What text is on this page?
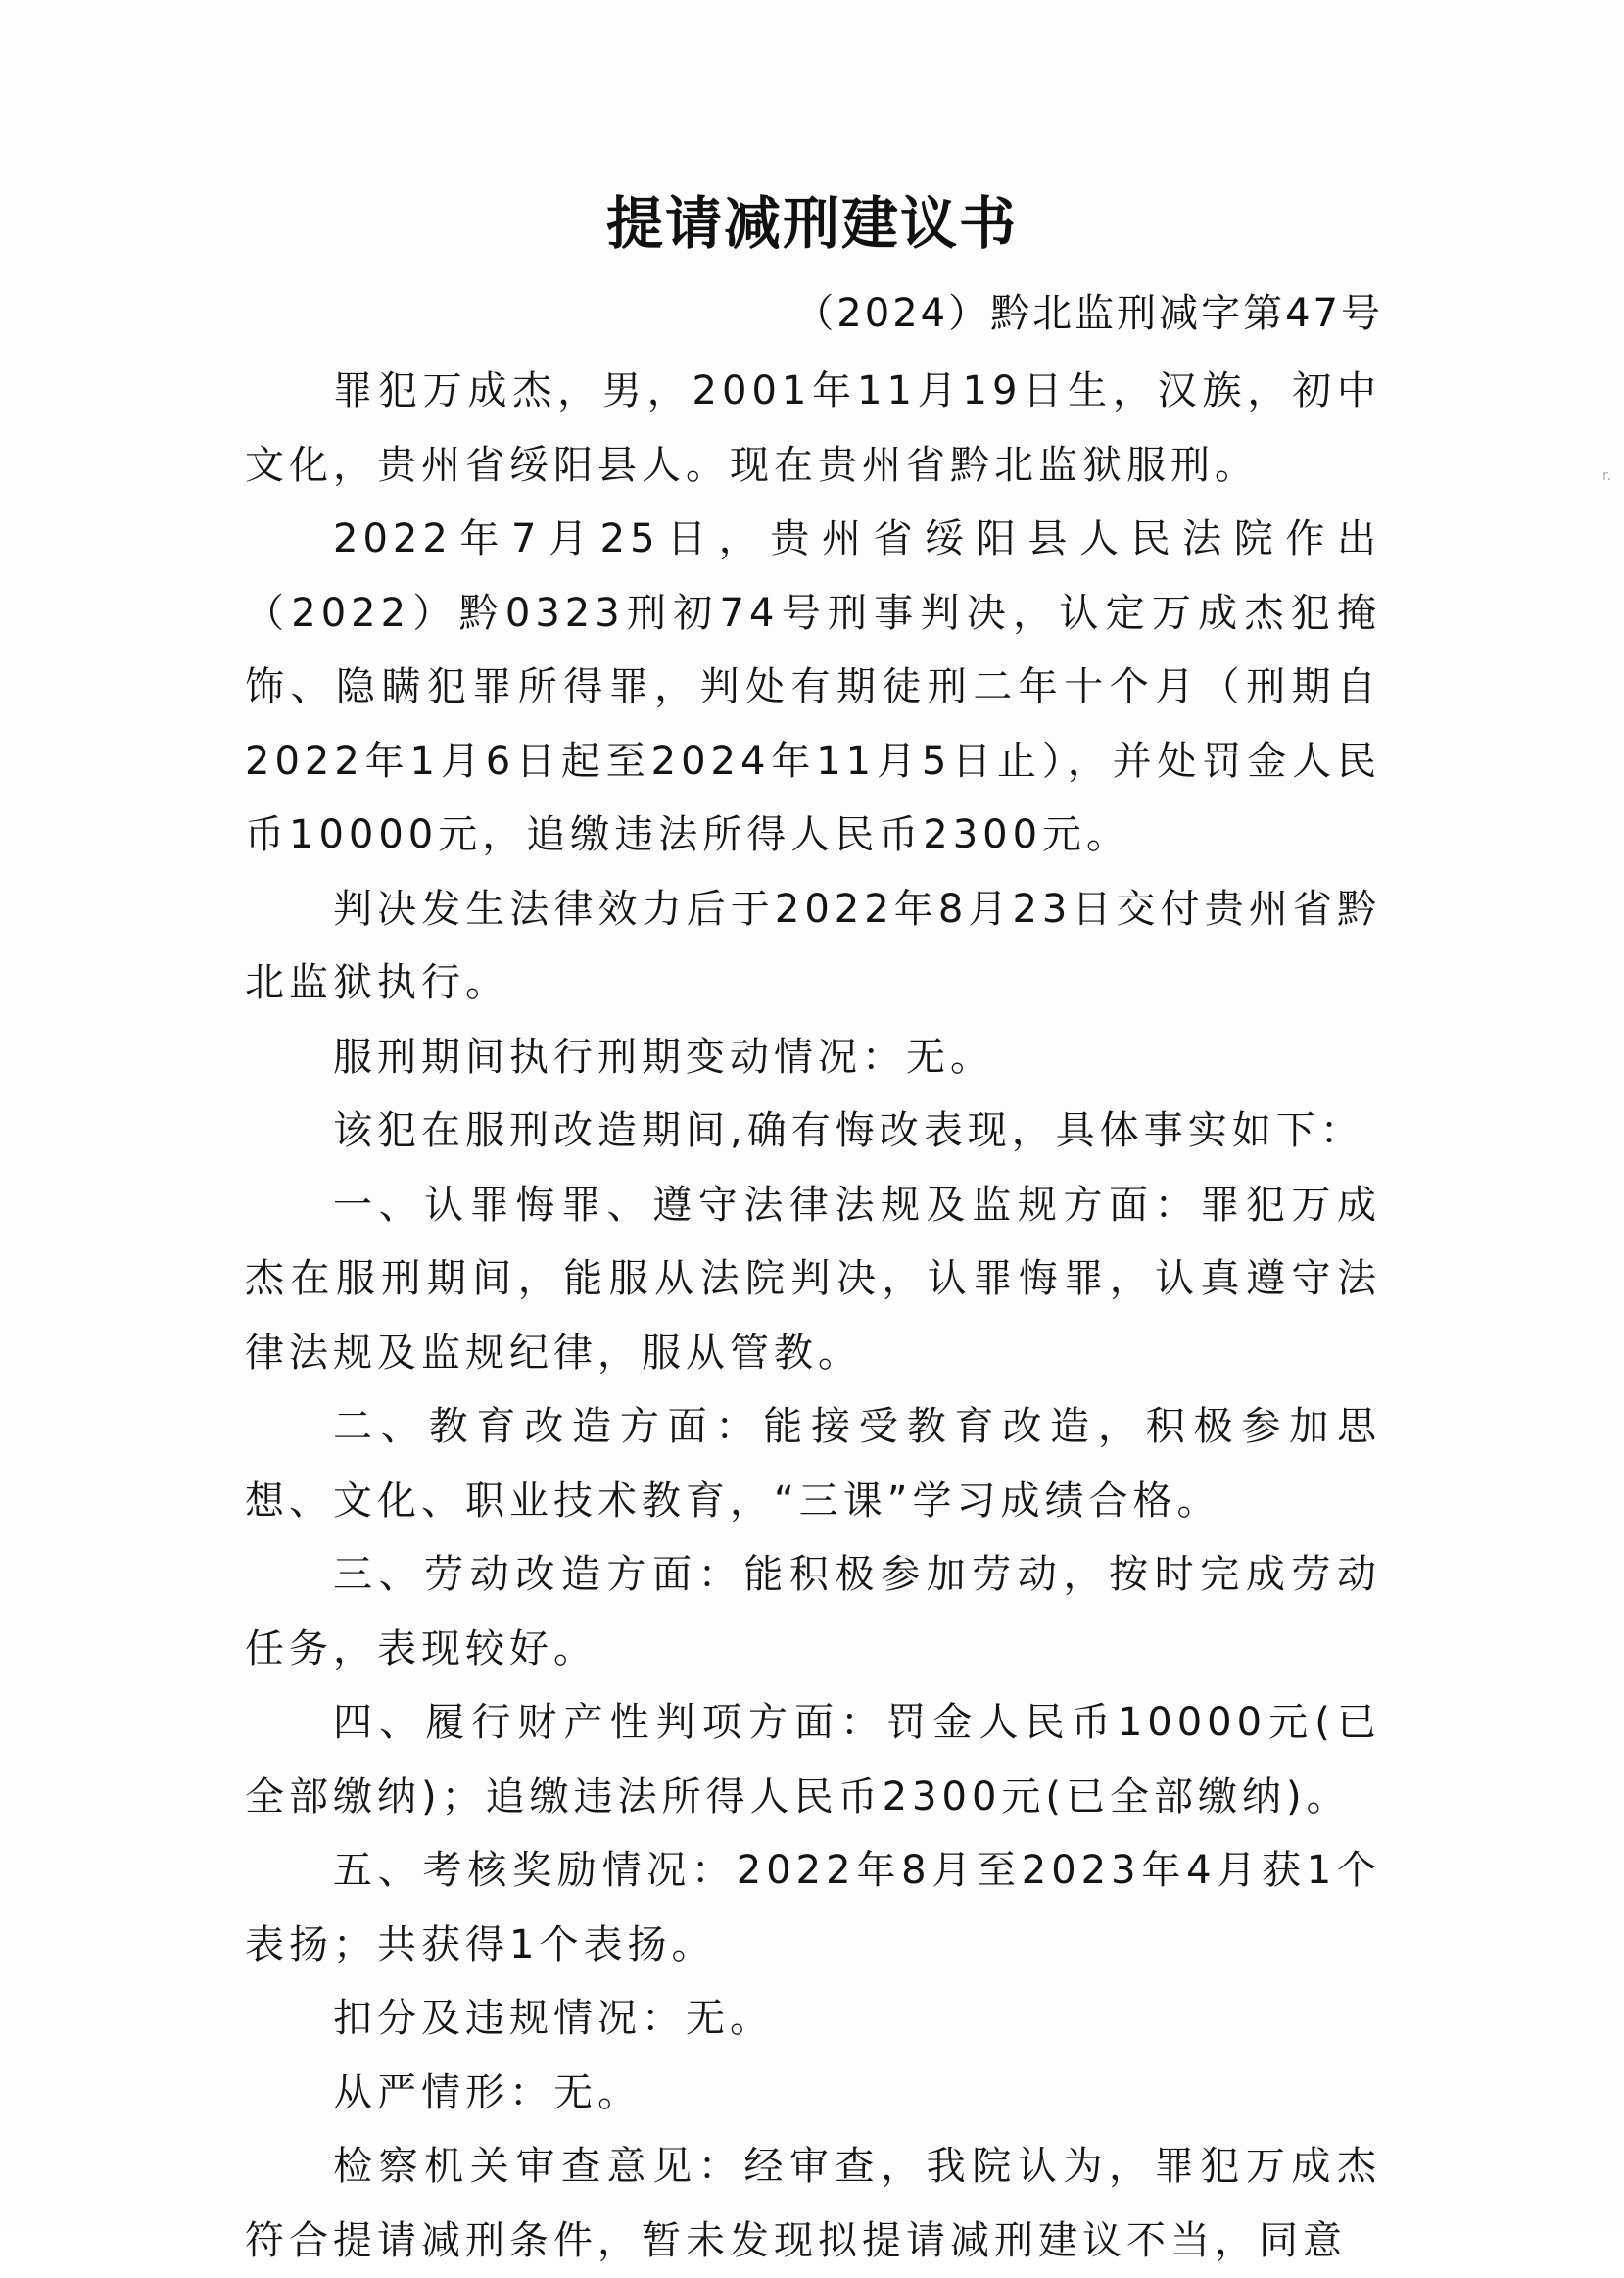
提请减刑建议书
（2024）黔北监刑减字第47号

罪犯万成杰，男，2001年11月19日生，汉族，初中文化，贵州省绥阳县人。现在贵州省黔北监狱服刑。

2022年7月25日，贵州省绥阳县人民法院作出（2022）黔0323刑初74号刑事判决，认定万成杰犯掩饰、隐瞒犯罪所得罪，判处有期徒刑二年十个月（刑期自2022年1月6日起至2024年11月5日止），并处罚金人民币10000元，追缴违法所得人民币2300元。

判决发生法律效力后于2022年8月23日交付贵州省黔北监狱执行。

服刑期间执行刑期变动情况：无。

该犯在服刑改造期间,确有悔改表现，具体事实如下：

一、认罪悔罪、遵守法律法规及监规方面：罪犯万成杰在服刑期间，能服从法院判决，认罪悔罪，认真遵守法律法规及监规纪律，服从管教。

二、教育改造方面：能接受教育改造，积极参加思想、文化、职业技术教育，“三课”学习成绩合格。

三、劳动改造方面：能积极参加劳动，按时完成劳动任务，表现较好。

四、履行财产性判项方面：罚金人民币10000元(已全部缴纳)；追缴违法所得人民币2300元(已全部缴纳)。

五、考核奖励情况：2022年8月至2023年4月获1个表扬；共获得1个表扬。

扣分及违规情况：无。

从严情形：无。

检察机关审查意见：经审查，我院认为，罪犯万成杰符合提请减刑条件，暂未发现拟提请减刑建议不当，同意

r.
